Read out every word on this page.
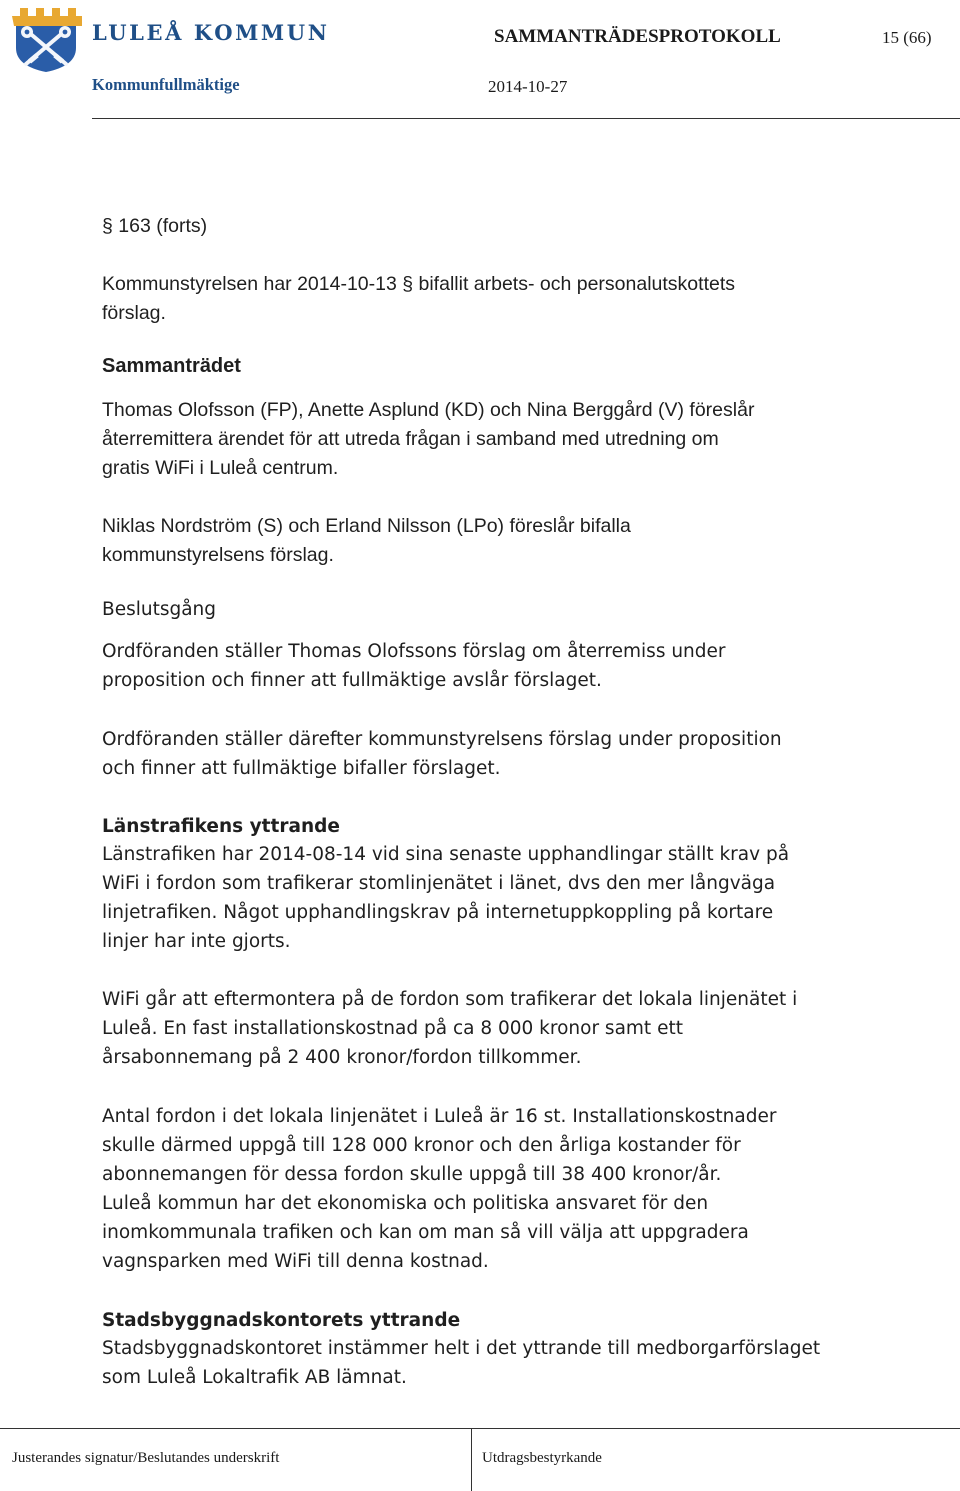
LULEÅ KOMMUN
Kommunfullmäktige
SAMMANTRÄDESPROTOKOLL	15 (66)
2014-10-27
§ 163 (forts)
Kommunstyrelsen har 2014-10-13 § bifallit arbets- och personalutskottets
förslag.
Sammanträdet
Thomas Olofsson (FP), Anette Asplund (KD) och Nina Berggård (V) föreslår
återremittera ärendet för att utreda frågan i samband med utredning om
gratis WiFi i Luleå centrum.
Niklas Nordström (S) och Erland Nilsson (LPo) föreslår bifalla
kommunstyrelsens förslag.
Beslutsgång
Ordföranden ställer Thomas Olofssons förslag om återremiss under
proposition och finner att fullmäktige avslår förslaget.
Ordföranden ställer därefter kommunstyrelsens förslag under proposition
och finner att fullmäktige bifaller förslaget.
Länstrafikens yttrande
Länstrafiken har 2014-08-14 vid sina senaste upphandlingar ställt krav på
WiFi i fordon som trafikerar stomlinjenätet i länet, dvs den mer långväga
linjetrafiken. Något upphandlingskrav på internetuppkoppling på kortare
linjer har inte gjorts.
WiFi går att eftermontera på de fordon som trafikerar det lokala linjenätet i
Luleå. En fast installationskostnad på ca 8 000 kronor samt ett
årsabonnemang på 2 400 kronor/fordon tillkommer.
Antal fordon i det lokala linjenätet i Luleå är 16 st. Installationskostnader
skulle därmed uppgå till 128 000 kronor och den årliga kostander för
abonnemangen för dessa fordon skulle uppgå till 38 400 kronor/år.
Luleå kommun har det ekonomiska och politiska ansvaret för den
inomkommunala trafiken och kan om man så vill välja att uppgradera
vagnsparken med WiFi till denna kostnad.
Stadsbyggnadskontorets yttrande
Stadsbyggnadskontoret instämmer helt i det yttrande till medborgarförslaget
som Luleå Lokaltrafik AB lämnat.
Justerandes signatur/Beslutandes underskrift	Utdragsbestyrkande
